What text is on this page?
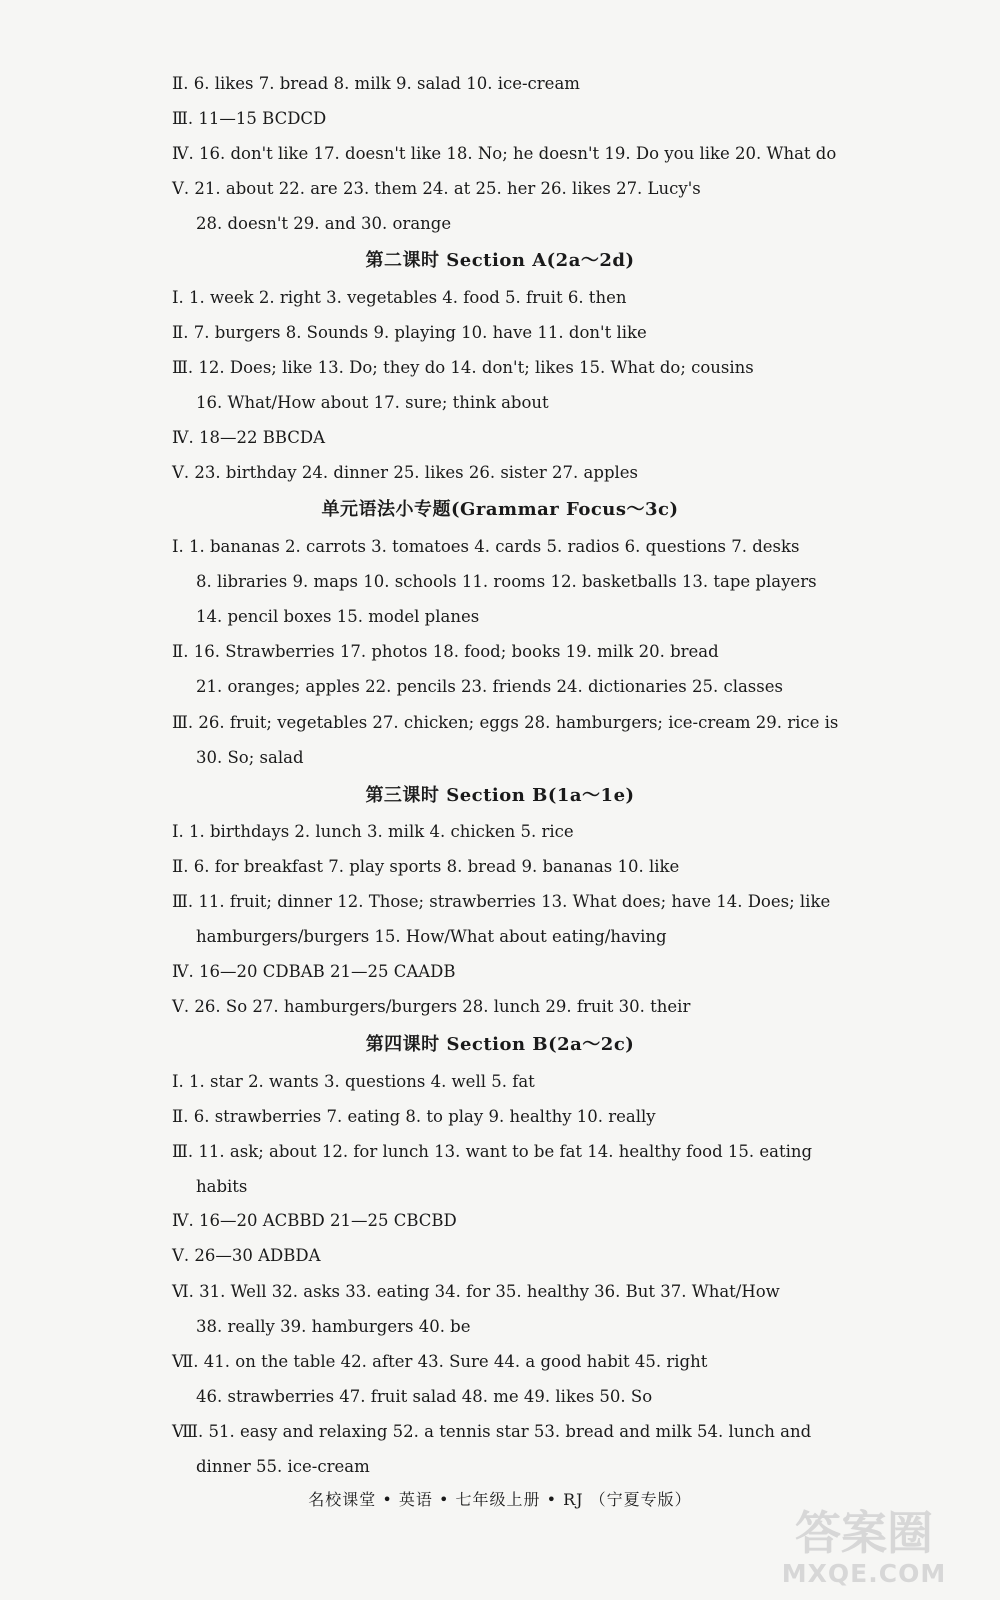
Ⅱ. 6. likes 7. bread 8. milk 9. salad 10. ice-cream
Ⅲ. 11—15 BCDCD
Ⅳ. 16. don't like 17. doesn't like 18. No; he doesn't 19. Do you like 20. What do
Ⅴ. 21. about 22. are 23. them 24. at 25. her 26. likes 27. Lucy's
28. doesn't 29. and 30. orange
第二课时 Section A(2a～2d)
Ⅰ. 1. week 2. right 3. vegetables 4. food 5. fruit 6. then
Ⅱ. 7. burgers 8. Sounds 9. playing 10. have 11. don't like
Ⅲ. 12. Does; like 13. Do; they do 14. don't; likes 15. What do; cousins
16. What/How about 17. sure; think about
Ⅳ. 18—22 BBCDA
Ⅴ. 23. birthday 24. dinner 25. likes 26. sister 27. apples
单元语法小专题(Grammar Focus～3c)
Ⅰ. 1. bananas 2. carrots 3. tomatoes 4. cards 5. radios 6. questions 7. desks
8. libraries 9. maps 10. schools 11. rooms 12. basketballs 13. tape players
14. pencil boxes 15. model planes
Ⅱ. 16. Strawberries 17. photos 18. food; books 19. milk 20. bread
21. oranges; apples 22. pencils 23. friends 24. dictionaries 25. classes
Ⅲ. 26. fruit; vegetables 27. chicken; eggs 28. hamburgers; ice-cream 29. rice is
30. So; salad
第三课时 Section B(1a～1e)
Ⅰ. 1. birthdays 2. lunch 3. milk 4. chicken 5. rice
Ⅱ. 6. for breakfast 7. play sports 8. bread 9. bananas 10. like
Ⅲ. 11. fruit; dinner 12. Those; strawberries 13. What does; have 14. Does; like
hamburgers/burgers 15. How/What about eating/having
Ⅳ. 16—20 CDBAB 21—25 CAADB
Ⅴ. 26. So 27. hamburgers/burgers 28. lunch 29. fruit 30. their
第四课时 Section B(2a～2c)
Ⅰ. 1. star 2. wants 3. questions 4. well 5. fat
Ⅱ. 6. strawberries 7. eating 8. to play 9. healthy 10. really
Ⅲ. 11. ask; about 12. for lunch 13. want to be fat 14. healthy food 15. eating
habits
Ⅳ. 16—20 ACBBD 21—25 CBCBD
Ⅴ. 26—30 ADBDA
Ⅵ. 31. Well 32. asks 33. eating 34. for 35. healthy 36. But 37. What/How
38. really 39. hamburgers 40. be
Ⅶ. 41. on the table 42. after 43. Sure 44. a good habit 45. right
46. strawberries 47. fruit salad 48. me 49. likes 50. So
Ⅷ. 51. easy and relaxing 52. a tennis star 53. bread and milk 54. lunch and
dinner 55. ice-cream
名校课堂 • 英语 • 七年级上册 • RJ （宁夏专版）
答案圈
MXQE.COM
